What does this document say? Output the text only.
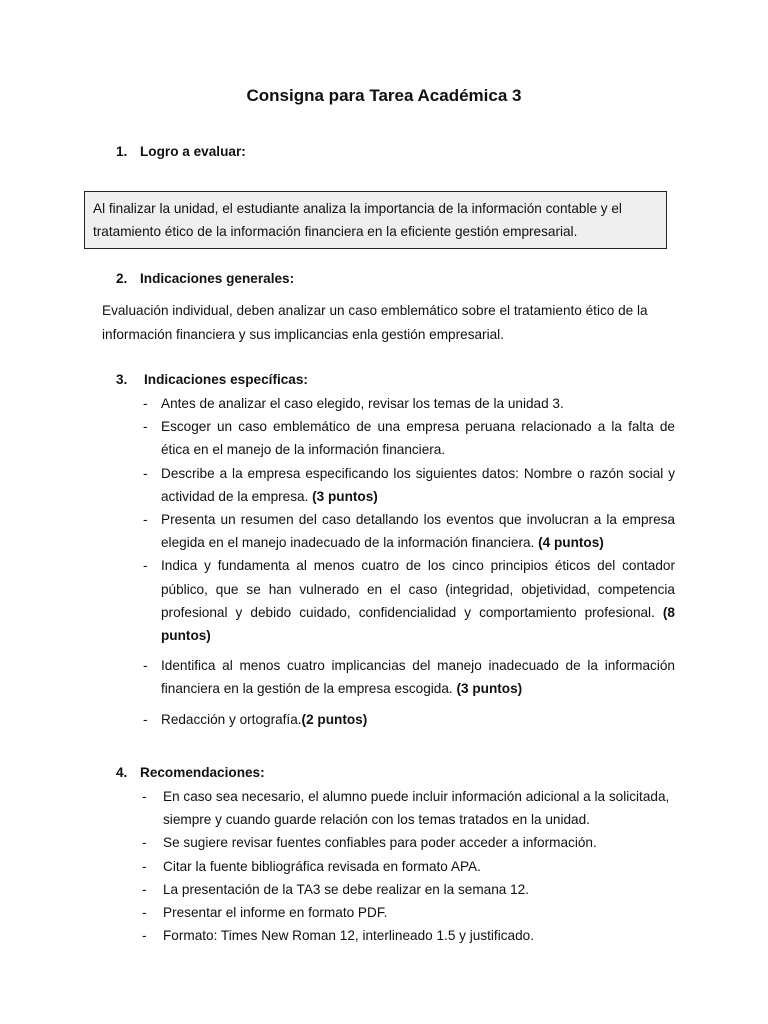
Consigna para Tarea Académica 3
1. Logro a evaluar:
Al finalizar la unidad, el estudiante analiza la importancia de la información contable y el tratamiento ético de la información financiera en la eficiente gestión empresarial.
2. Indicaciones generales:
Evaluación individual, deben analizar un caso emblemático sobre el tratamiento ético de la información financiera y sus implicancias enla gestión empresarial.
3. Indicaciones específicas:
- Antes de analizar el caso elegido, revisar los temas de la unidad 3.
- Escoger un caso emblemático de una empresa peruana relacionado a la falta de ética en el manejo de la información financiera.
- Describe a la empresa especificando los siguientes datos: Nombre o razón social y actividad de la empresa. (3 puntos)
- Presenta un resumen del caso detallando los eventos que involucran a la empresa elegida en el manejo inadecuado de la información financiera. (4 puntos)
- Indica y fundamenta al menos cuatro de los cinco principios éticos del contador público, que se han vulnerado en el caso (integridad, objetividad, competencia profesional y debido cuidado, confidencialidad y comportamiento profesional. (8 puntos)
- Identifica al menos cuatro implicancias del manejo inadecuado de la información financiera en la gestión de la empresa escogida. (3 puntos)
- Redacción y ortografía.(2 puntos)
4. Recomendaciones:
- En caso sea necesario, el alumno puede incluir información adicional a la solicitada, siempre y cuando guarde relación con los temas tratados en la unidad.
- Se sugiere revisar fuentes confiables para poder acceder a información.
- Citar la fuente bibliográfica revisada en formato APA.
- La presentación de la TA3 se debe realizar en la semana 12.
- Presentar el informe en formato PDF.
- Formato: Times New Roman 12, interlineado 1.5 y justificado.
